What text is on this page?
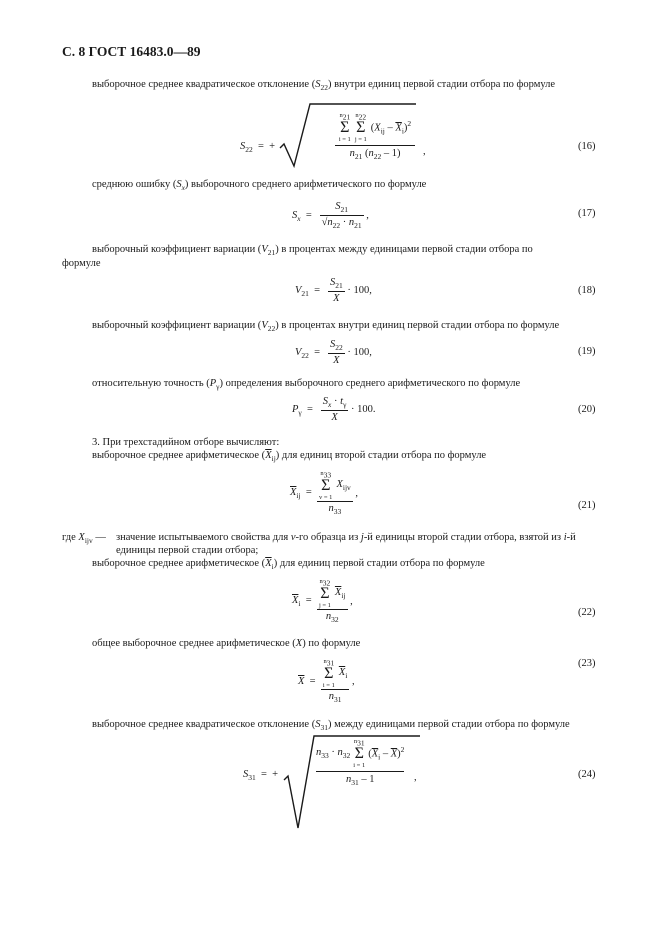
С. 8 ГОСТ 16483.0—89
выборочное среднее квадратическое отклонение $(S_{22})$ внутри единиц первой стадии отбора по формуле
$S_{22}$  =  +
$n_{21}$
Σ
i = 1
$n_{22}$
Σ
j = 1
$(X_{ij} - \overline{X}_i)^2$
$n_{21}$ $(n_{22} - 1)$	,	(16)
среднюю ошибку $(S_x)$ выборочного среднего арифметического по формуле
$S_x = \frac{S_{21}}{√n_{22} \cdot n_{21}}$ ,	(17)
выборочный коэффициент вариации $(V_{21})$ в процентах между единицами первой стадии отбора по
формуле
$V_{21} = \frac{S_{21}}{X} \cdot 100$,	(18)
выборочный коэффициент вариации $(V_{22})$ в процентах внутри единиц первой стадии отбора по формуле
$V_{22} = \frac{S_{22}}{X} \cdot 100$,	(19)
относительную точность $(P_\gamma)$ определения выборочного среднего арифметического по формуле
$P_\gamma = \frac{S_x \cdot t_\gamma}{X} \cdot 100$.	(20)
3. При трехстадийном отборе вычисляют:
выборочное среднее арифметическое $(\overline{X}_{ij})$ для единиц второй стадии отбора по формуле
$\overline{X}_{ij}$  =
$n_{33}$
Σ
v = 1
$X_{ijv}$
$n_{33}$
,
(21)
где $X_{ijv}$ — значение испытываемого свойства для v-го образца из j-й единицы второй стадии отбора, взятой из i-й единицы первой стадии отбора;
выборочное среднее арифметическое $(\overline{X}_i)$ для единиц первой стадии отбора по формуле
$\overline{X}_i$  =
$n_{32}$
Σ
j = 1
$\overline{X}_{ij}$
$n_{32}$
,
(22)
общее выборочное среднее арифметическое (X) по формуле
$\overline{X} = n_{31}$
Σ
i = 1
$\overline{X}_i$
$n_{31}$ ,
(23)
выборочное среднее квадратическое отклонение $(S_{31})$ между единицами первой стадии отбора по формуле
$S_{31}$  =  +
$n_{33} \cdot n_{32}$
$n_{31}$
Σ
i = 1
$(\overline{X}_i - \overline{X})^2$
$n_{31} - 1$	,	(24)
